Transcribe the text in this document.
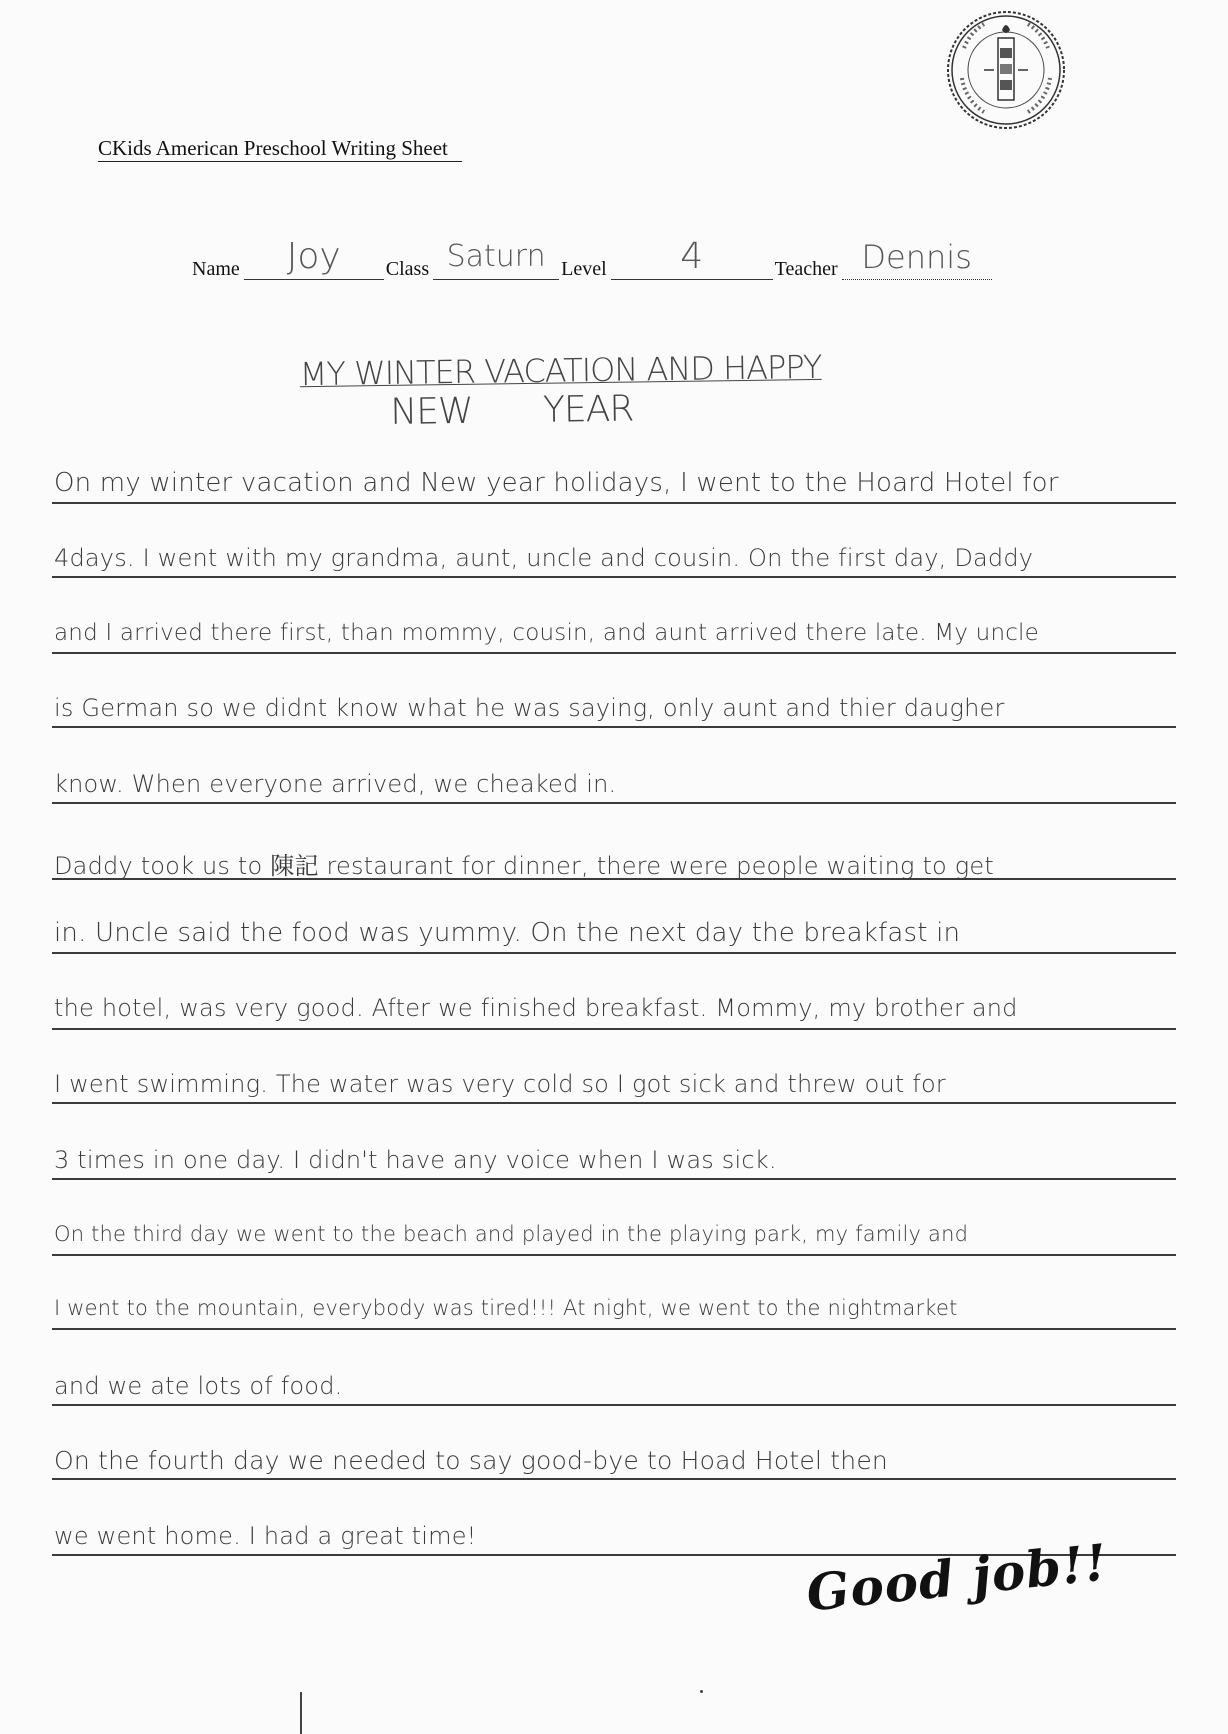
CKids American Preschool Writing Sheet
Name	Joy	Class Saturn Level	4	Teacher Dennis
MY WINTER VACATION AND HAPPY
NEW YEAR
On my winter vacation and New year holidays, I went to the Hoard Hotel for
4days. I went with my grandma, aunt, uncle and cousin. On the first day, Daddy
and I arrived there first, than mommy, cousin, and aunt arrived there late. My uncle
is German so we didnt know what he was saying, only aunt and thier daugher
know. When everyone arrived, we cheaked in.
Daddy took us to 陳記 restaurant for dinner, there were people waiting to get
in. Uncle said the food was yummy. On the next day the breakfast in
the hotel, was very good. After we finished breakfast. Mommy, my brother and
I went swimming. The water was very cold so I got sick and threw out for
3 times in one day. I didn't have any voice when I was sick.
On the third day we went to the beach and played in the playing park, my family and
I went to the mountain, everybody was tired!!! At night, we went to the nightmarket
and we ate lots of food.
On the fourth day we needed to say good-bye to Hoad Hotel then
we went home. I had a great time!	Good job!!
